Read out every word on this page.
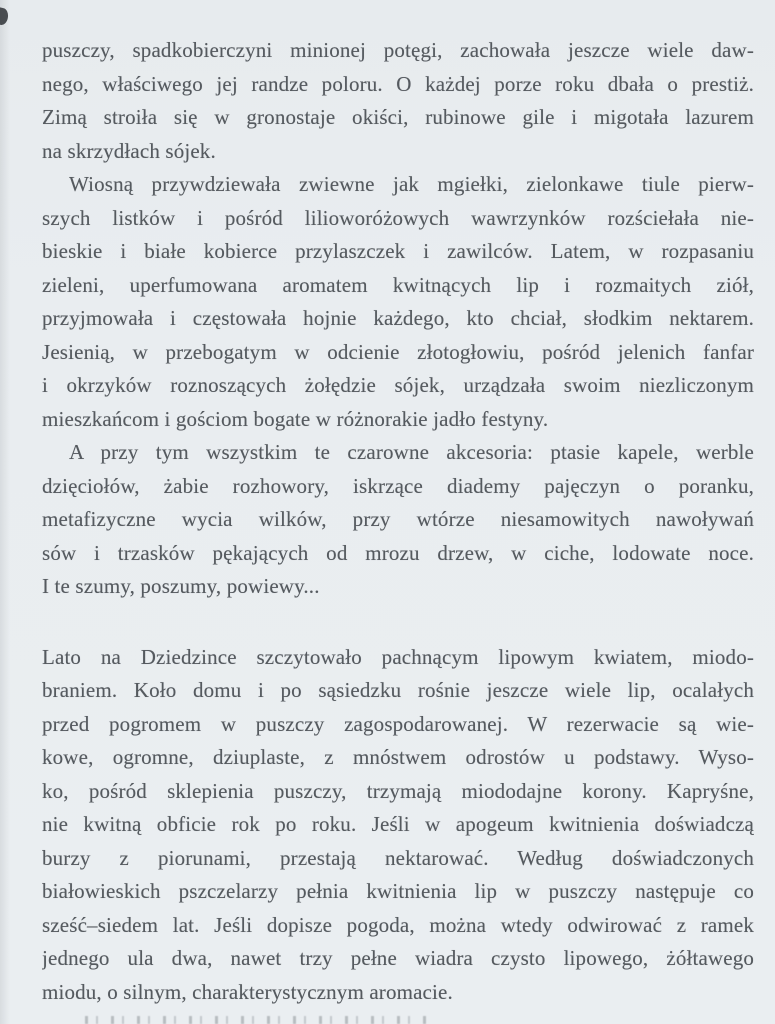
puszczy, spadkobierczyni minionej potęgi, zachowała jeszcze wiele daw-
nego, właściwego jej randze poloru. O każdej porze roku dbała o prestiż.
Zimą stroiła się w gronostaje okiści, rubinowe gile i migotała lazurem
na skrzydłach sójek.
Wiosną przywdziewała zwiewne jak mgiełki, zielonkawe tiule pierw-
szych listków i pośród lilioworóżowych wawrzynków rozściełała nie-
bieskie i białe kobierce przylaszczek i zawilców. Latem, w rozpasaniu
zieleni, uperfumowana aromatem kwitnących lip i rozmaitych ziół,
przyjmowała i częstowała hojnie każdego, kto chciał, słodkim nektarem.
Jesienią, w przebogatym w odcienie złotogłowiu, pośród jelenich fanfar
i okrzyków roznoszących żołędzie sójek, urządzała swoim niezliczonym
mieszkańcom i gościom bogate w różnorakie jadło festyny.
A przy tym wszystkim te czarowne akcesoria: ptasie kapele, werble
dzięciołów, żabie rozhowory, iskrzące diademy pajęczyn o poranku,
metafizyczne wycia wilków, przy wtórze niesamowitych nawoływań
sów i trzasków pękających od mrozu drzew, w ciche, lodowate noce.
I te szumy, poszumy, powiewy...
Lato na Dziedzince szczytowało pachnącym lipowym kwiatem, miodo-
braniem. Koło domu i po sąsiedzku rośnie jeszcze wiele lip, ocalałych
przed pogromem w puszczy zagospodarowanej. W rezerwacie są wie-
kowe, ogromne, dziuplaste, z mnóstwem odrostów u podstawy. Wyso-
ko, pośród sklepienia puszczy, trzymają miododajne korony. Kapryśne,
nie kwitną obficie rok po roku. Jeśli w apogeum kwitnienia doświadczą
burzy z piorunami, przestają nektarować. Według doświadczonych
białowieskich pszczelarzy pełnia kwitnienia lip w puszczy następuje co
sześć–siedem lat. Jeśli dopisze pogoda, można wtedy odwirować z ramek
jednego ula dwa, nawet trzy pełne wiadra czysto lipowego, żółtawego
miodu, o silnym, charakterystycznym aromacie.
